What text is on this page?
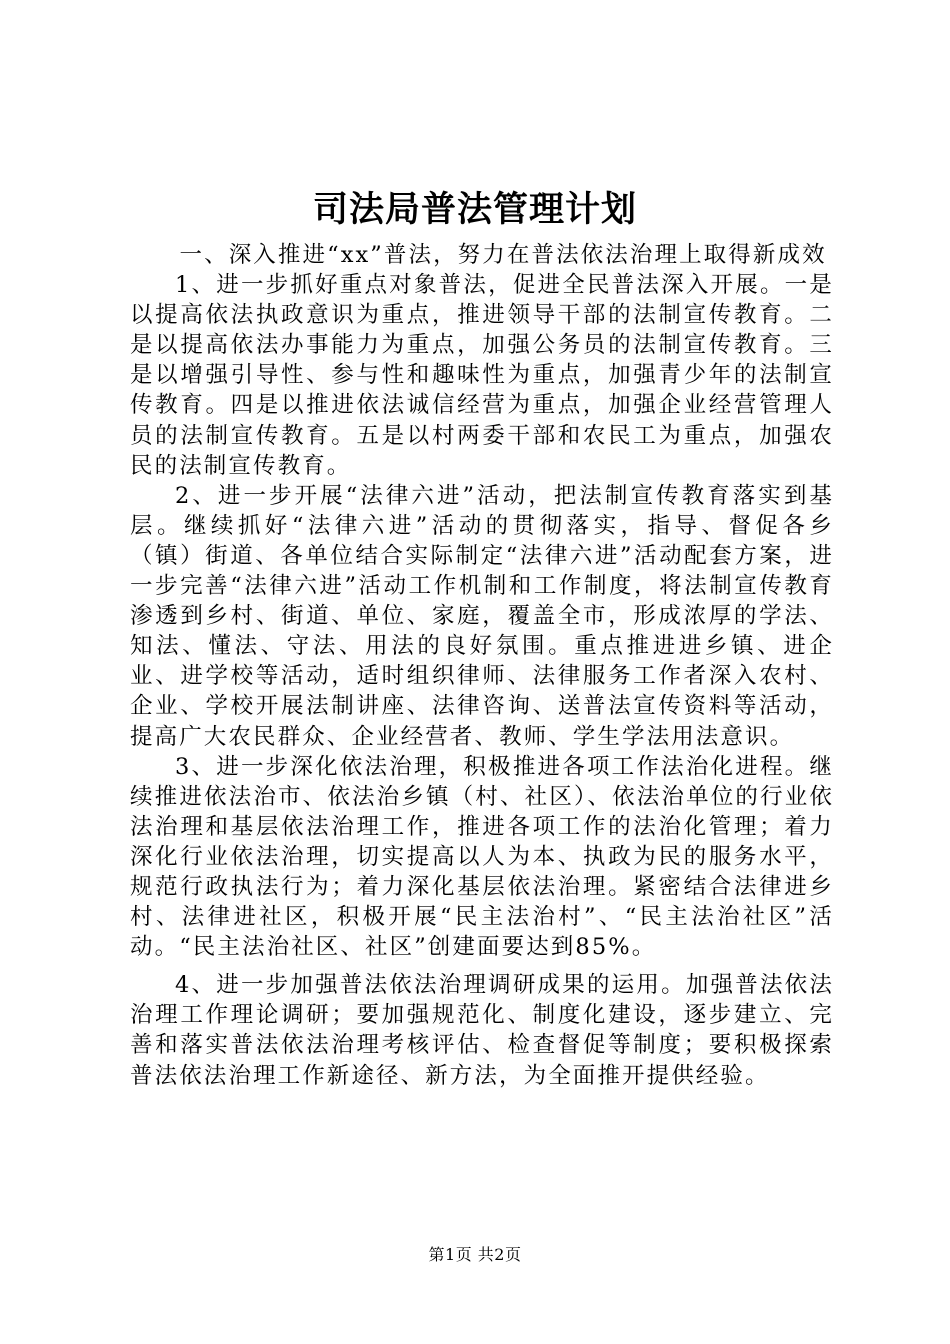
司法局普法管理计划

一、深入推进“xx”普法，努力在普法依法治理上取得新成效

1、进一步抓好重点对象普法，促进全民普法深入开展。一是以提高依法执政意识为重点，推进领导干部的法制宣传教育。二是以提高依法办事能力为重点，加强公务员的法制宣传教育。三是以增强引导性、参与性和趣味性为重点，加强青少年的法制宣传教育。四是以推进依法诚信经营为重点，加强企业经营管理人员的法制宣传教育。五是以村两委干部和农民工为重点，加强农民的法制宣传教育。

2、进一步开展“法律六进”活动，把法制宣传教育落实到基层。继续抓好“法律六进”活动的贯彻落实，指导、督促各乡（镇）街道、各单位结合实际制定“法律六进”活动配套方案，进一步完善“法律六进”活动工作机制和工作制度，将法制宣传教育渗透到乡村、街道、单位、家庭，覆盖全市，形成浓厚的学法、知法、懂法、守法、用法的良好氛围。重点推进进乡镇、进企业、进学校等活动，适时组织律师、法律服务工作者深入农村、企业、学校开展法制讲座、法律咨询、送普法宣传资料等活动，提高广大农民群众、企业经营者、教师、学生学法用法意识。

3、进一步深化依法治理，积极推进各项工作法治化进程。继续推进依法治市、依法治乡镇（村、社区）、依法治单位的行业依法治理和基层依法治理工作，推进各项工作的法治化管理；着力深化行业依法治理，切实提高以人为本、执政为民的服务水平，规范行政执法行为；着力深化基层依法治理。紧密结合法律进乡村、法律进社区，积极开展“民主法治村”、“民主法治社区”活动。“民主法治社区、社区”创建面要达到85%。

4、进一步加强普法依法治理调研成果的运用。加强普法依法治理工作理论调研；要加强规范化、制度化建设，逐步建立、完善和落实普法依法治理考核评估、检查督促等制度；要积极探索普法依法治理工作新途径、新方法，为全面推开提供经验。

第1页 共2页
